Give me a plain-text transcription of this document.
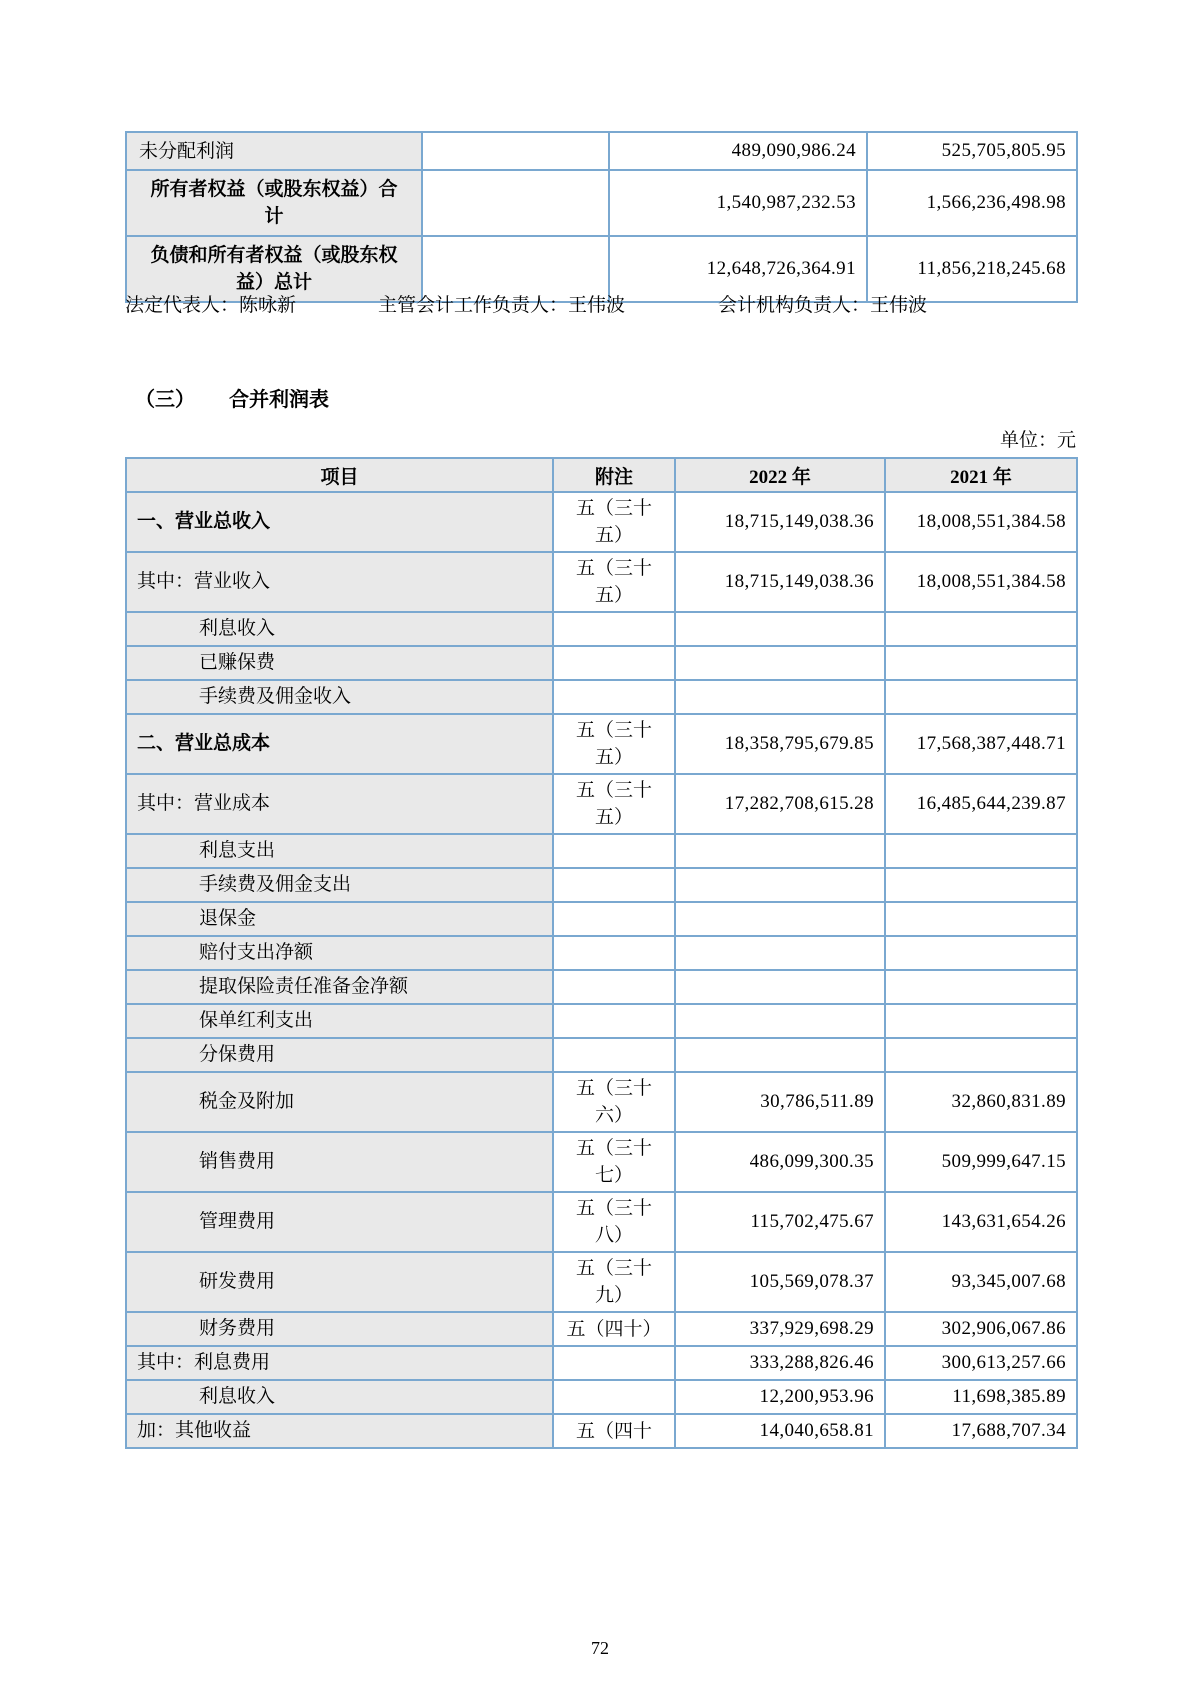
未分配利润		489,090,986.24	525,705,805.95
所有者权益（或股东权益）合计		1,540,987,232.53	1,566,236,498.98
负债和所有者权益（或股东权益）总计		12,648,726,364.91	11,856,218,245.68
法定代表人：陈咏新	主管会计工作负责人：王伟波	会计机构负责人：王伟波
（三） 合并利润表
单位：元
项目	附注	2022 年	2021 年
一、营业总收入	五（三十五）	18,715,149,038.36	18,008,551,384.58
其中：营业收入	五（三十五）	18,715,149,038.36	18,008,551,384.58
利息收入			
已赚保费			
手续费及佣金收入			
二、营业总成本	五（三十五）	18,358,795,679.85	17,568,387,448.71
其中：营业成本	五（三十五）	17,282,708,615.28	16,485,644,239.87
利息支出			
手续费及佣金支出			
退保金			
赔付支出净额			
提取保险责任准备金净额			
保单红利支出			
分保费用			
税金及附加	五（三十六）	30,786,511.89	32,860,831.89
销售费用	五（三十七）	486,099,300.35	509,999,647.15
管理费用	五（三十八）	115,702,475.67	143,631,654.26
研发费用	五（三十九）	105,569,078.37	93,345,007.68
财务费用	五（四十）	337,929,698.29	302,906,067.86
其中：利息费用		333,288,826.46	300,613,257.66
利息收入		12,200,953.96	11,698,385.89
加：其他收益	五（四十	14,040,658.81	17,688,707.34
72
